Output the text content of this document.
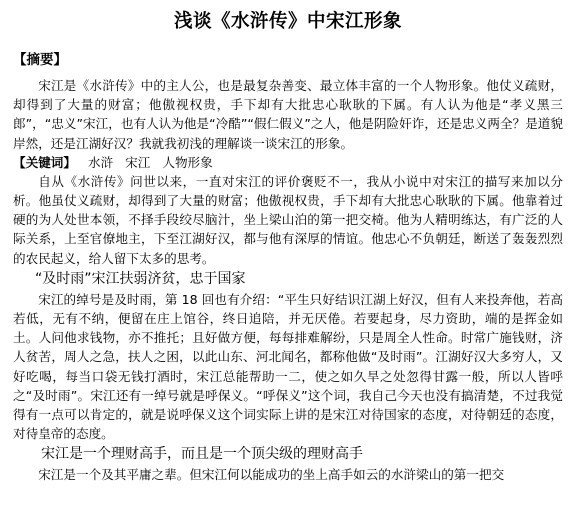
浅谈《水浒传》中宋江形象
【摘要】

宋江是《水浒传》中的主人公，也是最复杂善变、最立体丰富的一个人物形象。他仗义疏财，却得到了大量的财富；他傲视权贵，手下却有大批忠心耿耿的下属。有人认为他是“孝义黑三郎”，“忠义”宋江，也有人认为他是“冷酷”“假仁假义”之人，他是阴险奸诈，还是忠义两全？是道貌岸然，还是江湖好汉？我就我初浅的理解谈一谈宋江的形象。

【关键词】 水浒 宋江 人物形象

自从《水浒传》问世以来，一直对宋江的评价褒贬不一，我从小说中对宋江的描写来加以分析。他虽仗义疏财，却得到了大量的财富；他傲视权贵，手下却有大批忠心耿耿的下属。他靠着过硬的为人处世本领，不择手段绞尽脑汁，坐上梁山泊的第一把交椅。他为人精明练达，有广泛的人际关系，上至官僚地主，下至江湖好汉，都与他有深厚的情谊。他忠心不负朝廷，断送了轰轰烈烈的农民起义，给人留下太多的思考。

“及时雨”宋江扶弱济贫，忠于国家

宋江的绰号是及时雨，第 18 回也有介绍：“平生只好结识江湖上好汉，但有人来投奔他，若高若低，无有不纳，便留在庄上馆谷，终日追陪，并无厌倦。若要起身，尽力资助，端的是挥金如土。人问他求钱物，亦不推托；且好做方便，每每排难解纷，只是周全人性命。时常广施钱财，济人贫苦，周人之急，扶人之困，以此山东、河北闻名，都称他做“及时雨”。江湖好汉大多穷人，又好吃喝，每当口袋无钱打酒时，宋江总能帮助一二，使之如久旱之处忽得甘露一般，所以人皆呼之“及时雨”。宋江还有一绰号就是呼保义。“呼保义”这个词，我自己今天也没有搞清楚，不过我觉得有一点可以肯定的，就是说呼保义这个词实际上讲的是宋江对待国家的态度，对待朝廷的态度，对待皇帝的态度。

宋江是一个理财高手，而且是一个顶尖级的理财高手

宋江是一个及其平庸之辈。但宋江何以能成功的坐上高手如云的水浒梁山的第一把交
